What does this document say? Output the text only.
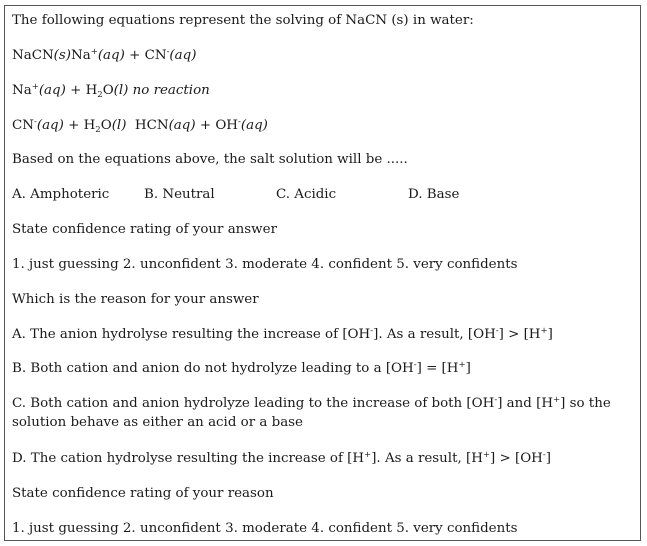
The following equations represent the solving of NaCN (s) in water:
NaCN(s)Na+(aq) + CN-(aq)
$Na^+(aq) + H_2O(l)$ no reaction
$CN^-(aq) + H_2O(l) HCN(aq) + OH^-(aq)$
Based on the equations above, the salt solution will be .....
A. Amphoteric	B. Neutral	C. Acidic	D. Base
State confidence rating of your answer
1. just guessing 2. unconfident 3. moderate 4. confident 5. very confidents
Which is the reason for your answer
A. The anion hydrolyse resulting the increase of [OH-]. As a result, [OH-] > [H+]
B. Both cation and anion do not hydrolyze leading to a [OH-] = [H+]
C. Both cation and anion hydrolyze leading to the increase of both [OH-] and [H+] so the solution behave as either an acid or a base
D. The cation hydrolyse resulting the increase of [H+]. As a result, [H+] > [OH-]
State confidence rating of your reason
1. just guessing 2. unconfident 3. moderate 4. confident 5. very confidents
